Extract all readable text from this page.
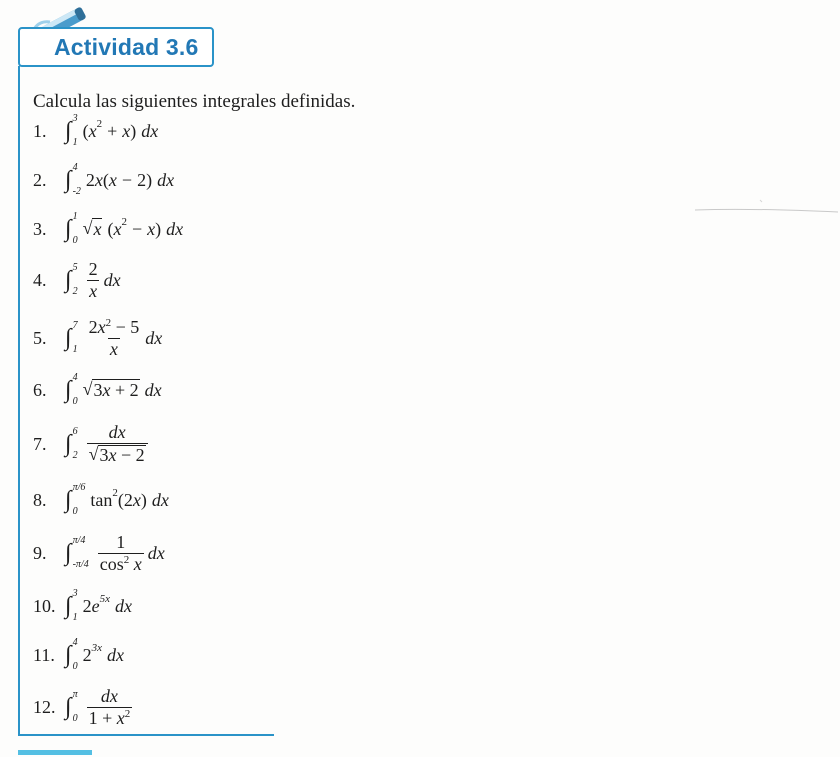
Actividad 3.6
Calcula las siguientes integrales definidas.
1. ∫ 3
1
( x 2 + x ) dx
2. ∫ 4
-2
2 x ( x − 2) dx
3. ∫ 1
0
√ x ( x 2 − x ) dx
4. ∫ 5
$2 \frac{2}{x}$ dx
5. ∫ 7
$1 \frac{2x^2 - 5}{x}$ dx
6. ∫ 4
0
√ 3x + 2 dx
7. ∫ 6
$2 \frac{dx}{√ 3x - 2}$
8. ∫ π/6
0
tan 2 (2 x ) dx
9. ∫ π/4
$-\pi/4 \frac{1}{\cos^2 x}$ dx
10. ∫ 3
1
2 e 5x dx
11. ∫ 4
0
2 3x dx
12. ∫ π
$0 \frac{dx}{1 + x^2}$
